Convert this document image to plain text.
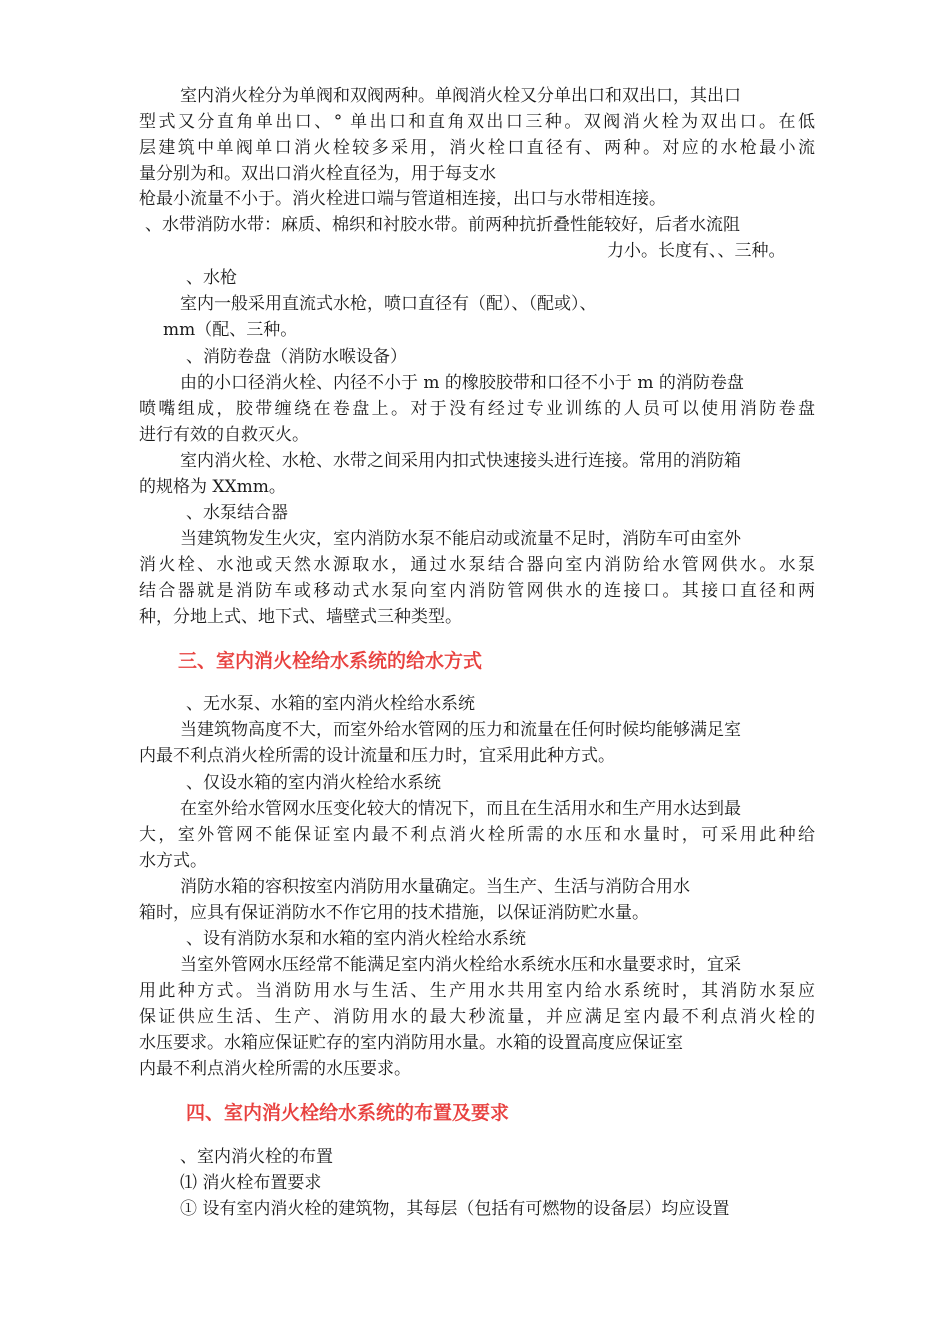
室内消火栓分为单阀和双阀两种。单阀消火栓又分单出口和双出口，其出口

型式又分直角单出口、° 单出口和直角双出口三种。双阀消火栓为双出口。在低

层建筑中单阀单口消火栓较多采用，消火栓口直径有、两种。对应的水枪最小流

量分别为和。双出口消火栓直径为，用于每支水

枪最小流量不小于。消火栓进口端与管道相连接，出口与水带相连接。

、水带消防水带：麻质、棉织和衬胶水带。前两种抗折叠性能较好，后者水流阻

力小。长度有、、三种。

、水枪

室内一般采用直流式水枪，喷口直径有（配）、（配或）、

mm（配、三种。

、消防卷盘（消防水喉设备）

由的小口径消火栓、内径不小于 m 的橡胶胶带和口径不小于 m 的消防卷盘

喷嘴组成，胶带缠绕在卷盘上。对于没有经过专业训练的人员可以使用消防卷盘

进行有效的自救灭火。

室内消火栓、水枪、水带之间采用内扣式快速接头进行连接。常用的消防箱

的规格为 XXmm。

、水泵结合器

当建筑物发生火灾，室内消防水泵不能启动或流量不足时，消防车可由室外

消火栓、水池或天然水源取水，通过水泵结合器向室内消防给水管网供水。水泵

结合器就是消防车或移动式水泵向室内消防管网供水的连接口。其接口直径和两

种，分地上式、地下式、墙壁式三种类型。

三、室内消火栓给水系统的给水方式

、无水泵、水箱的室内消火栓给水系统

当建筑物高度不大，而室外给水管网的压力和流量在任何时候均能够满足室

内最不利点消火栓所需的设计流量和压力时，宜采用此种方式。

、仅设水箱的室内消火栓给水系统

在室外给水管网水压变化较大的情况下，而且在生活用水和生产用水达到最

大，室外管网不能保证室内最不利点消火栓所需的水压和水量时，可采用此种给

水方式。

消防水箱的容积按室内消防用水量确定。当生产、生活与消防合用水

箱时，应具有保证消防水不作它用的技术措施，以保证消防贮水量。

、设有消防水泵和水箱的室内消火栓给水系统

当室外管网水压经常不能满足室内消火栓给水系统水压和水量要求时，宜采

用此种方式。当消防用水与生活、生产用水共用室内给水系统时，其消防水泵应

保证供应生活、生产、消防用水的最大秒流量，并应满足室内最不利点消火栓的

水压要求。水箱应保证贮存的室内消防用水量。水箱的设置高度应保证室

内最不利点消火栓所需的水压要求。

四、室内消火栓给水系统的布置及要求

、室内消火栓的布置

⑴ 消火栓布置要求

① 设有室内消火栓的建筑物，其每层（包括有可燃物的设备层）均应设置
